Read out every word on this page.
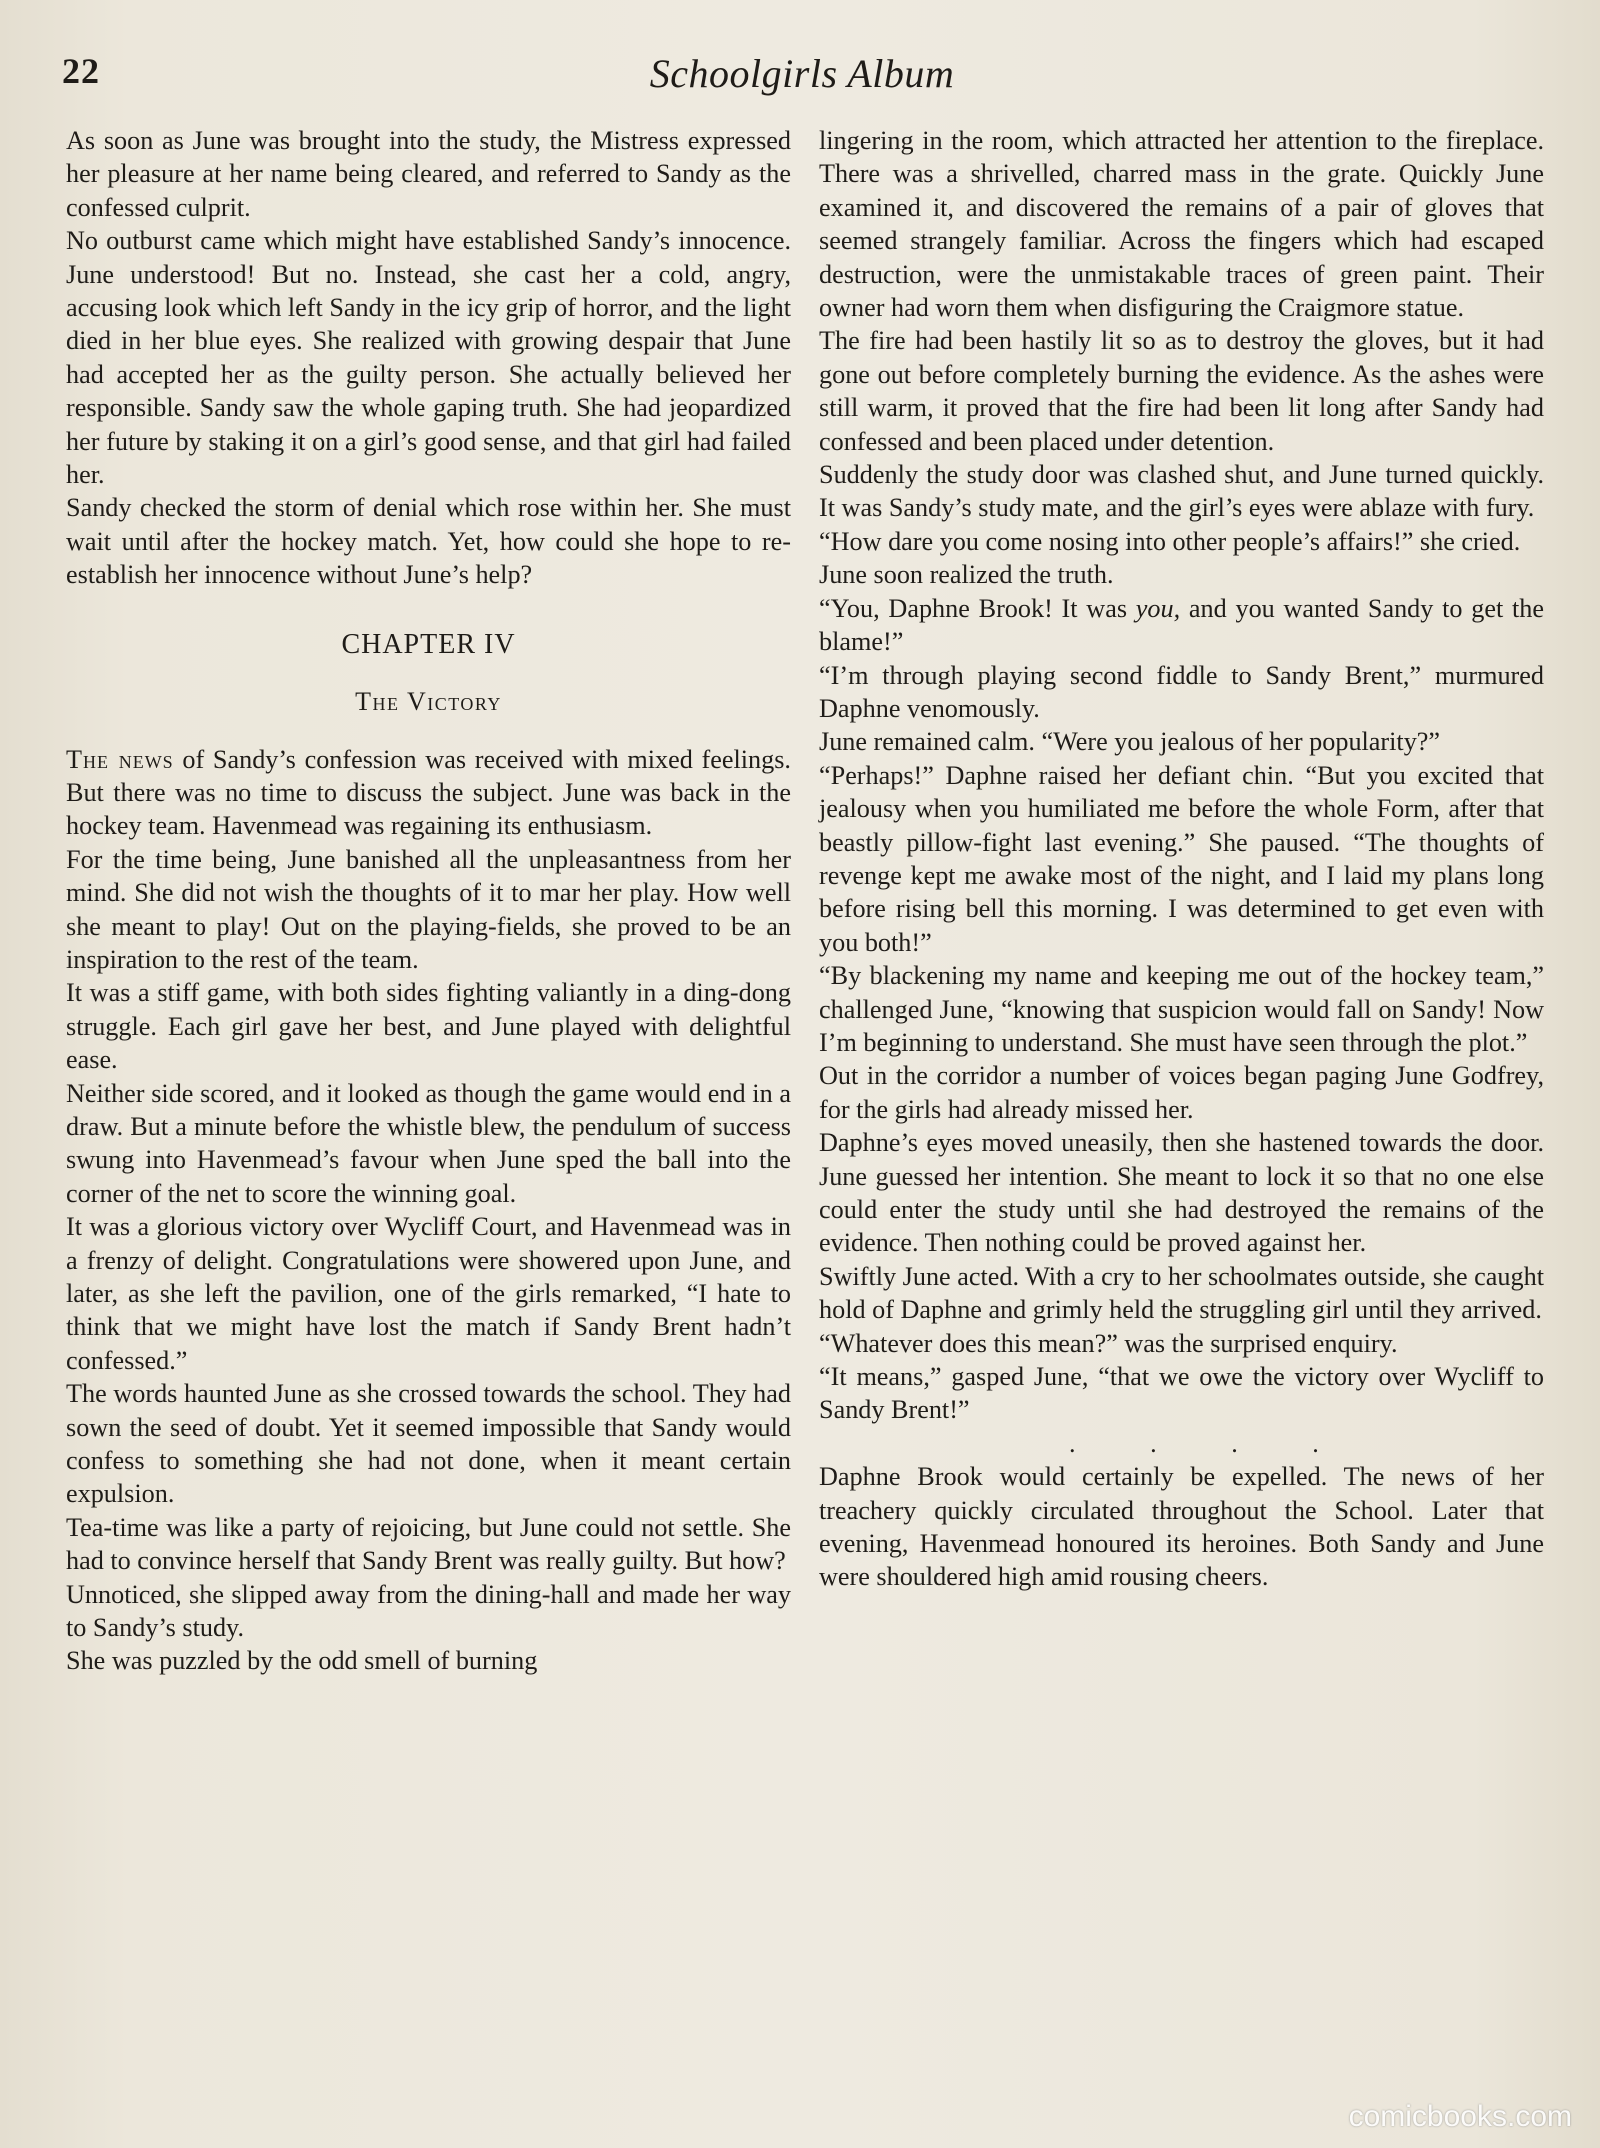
22	Schoolgirls Album

As soon as June was brought into the study, the Mistress expressed her pleasure at her name being cleared, and referred to Sandy as the confessed culprit.

No outburst came which might have established Sandy’s innocence. June understood! But no. Instead, she cast her a cold, angry, accusing look which left Sandy in the icy grip of horror, and the light died in her blue eyes. She realized with growing despair that June had accepted her as the guilty person. She actually believed her responsible. Sandy saw the whole gaping truth. She had jeopardized her future by staking it on a girl’s good sense, and that girl had failed her.

Sandy checked the storm of denial which rose within her. She must wait until after the hockey match. Yet, how could she hope to re-establish her innocence without June’s help?

CHAPTER IV
The Victory

The news of Sandy’s confession was received with mixed feelings. But there was no time to discuss the subject. June was back in the hockey team. Havenmead was regaining its enthusiasm.

For the time being, June banished all the unpleasantness from her mind. She did not wish the thoughts of it to mar her play. How well she meant to play! Out on the playing-fields, she proved to be an inspiration to the rest of the team.

It was a stiff game, with both sides fighting valiantly in a ding-dong struggle. Each girl gave her best, and June played with delightful ease.

Neither side scored, and it looked as though the game would end in a draw. But a minute before the whistle blew, the pendulum of success swung into Havenmead’s favour when June sped the ball into the corner of the net to score the winning goal.

It was a glorious victory over Wycliff Court, and Havenmead was in a frenzy of delight. Congratulations were showered upon June, and later, as she left the pavilion, one of the girls remarked, “I hate to think that we might have lost the match if Sandy Brent hadn’t confessed.”

The words haunted June as she crossed towards the school. They had sown the seed of doubt. Yet it seemed impossible that Sandy would confess to something she had not done, when it meant certain expulsion.

Tea-time was like a party of rejoicing, but June could not settle. She had to convince herself that Sandy Brent was really guilty. But how?

Unnoticed, she slipped away from the dining-hall and made her way to Sandy’s study.

She was puzzled by the odd smell of burning

lingering in the room, which attracted her attention to the fireplace. There was a shrivelled, charred mass in the grate. Quickly June examined it, and discovered the remains of a pair of gloves that seemed strangely familiar. Across the fingers which had escaped destruction, were the unmistakable traces of green paint. Their owner had worn them when disfiguring the Craigmore statue.

The fire had been hastily lit so as to destroy the gloves, but it had gone out before completely burning the evidence. As the ashes were still warm, it proved that the fire had been lit long after Sandy had confessed and been placed under detention.

Suddenly the study door was clashed shut, and June turned quickly. It was Sandy’s study mate, and the girl’s eyes were ablaze with fury.

“How dare you come nosing into other people’s affairs!” she cried.

June soon realized the truth.

“You, Daphne Brook! It was you, and you wanted Sandy to get the blame!”

“I’m through playing second fiddle to Sandy Brent,” murmured Daphne venomously.

June remained calm. “Were you jealous of her popularity?”

“Perhaps!” Daphne raised her defiant chin. “But you excited that jealousy when you humiliated me before the whole Form, after that beastly pillow-fight last evening.” She paused. “The thoughts of revenge kept me awake most of the night, and I laid my plans long before rising bell this morning. I was determined to get even with you both!”

“By blackening my name and keeping me out of the hockey team,” challenged June, “knowing that suspicion would fall on Sandy! Now I’m beginning to understand. She must have seen through the plot.”

Out in the corridor a number of voices began paging June Godfrey, for the girls had already missed her.

Daphne’s eyes moved uneasily, then she hastened towards the door. June guessed her intention. She meant to lock it so that no one else could enter the study until she had destroyed the remains of the evidence. Then nothing could be proved against her.

Swiftly June acted. With a cry to her schoolmates outside, she caught hold of Daphne and grimly held the struggling girl until they arrived.

“Whatever does this mean?” was the surprised enquiry.

“It means,” gasped June, “that we owe the victory over Wycliff to Sandy Brent!”

. . . .

Daphne Brook would certainly be expelled. The news of her treachery quickly circulated throughout the School. Later that evening, Havenmead honoured its heroines. Both Sandy and June were shouldered high amid rousing cheers.

comicbooks.com
